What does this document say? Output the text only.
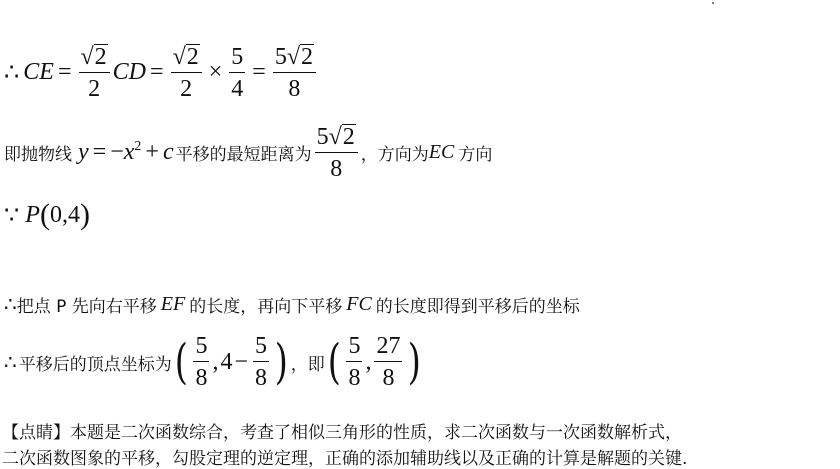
∴ CE = $\frac{√ 2}{2}$ CD = $\frac{√ 2}{2} \times \frac{5}{4} = \frac{5 √ 2}{8}$
即抛物线 y = − x 2 + c 平移的最短距离为 $\frac{5 √ 2}{8}$ ，方向为 EC 方向
∵ P ( 0,4 )
∴ 把点 P 先向右平移 EF 的长度，再向下平移 FC 的长度即得到平移后的坐标
∴ 平移后的顶点坐标为 ( $\frac{5}{8}$ , $4 - \frac{5}{8}$ ) ，即 ( $\frac{5}{8}$ , $\frac{27}{8}$ )
【点睛】本题是二次函数综合，考查了相似三角形的性质，求二次函数与一次函数解析式，
二次函数图象的平移，勾股定理的逆定理，正确的添加辅助线以及正确的计算是解题的关键.
